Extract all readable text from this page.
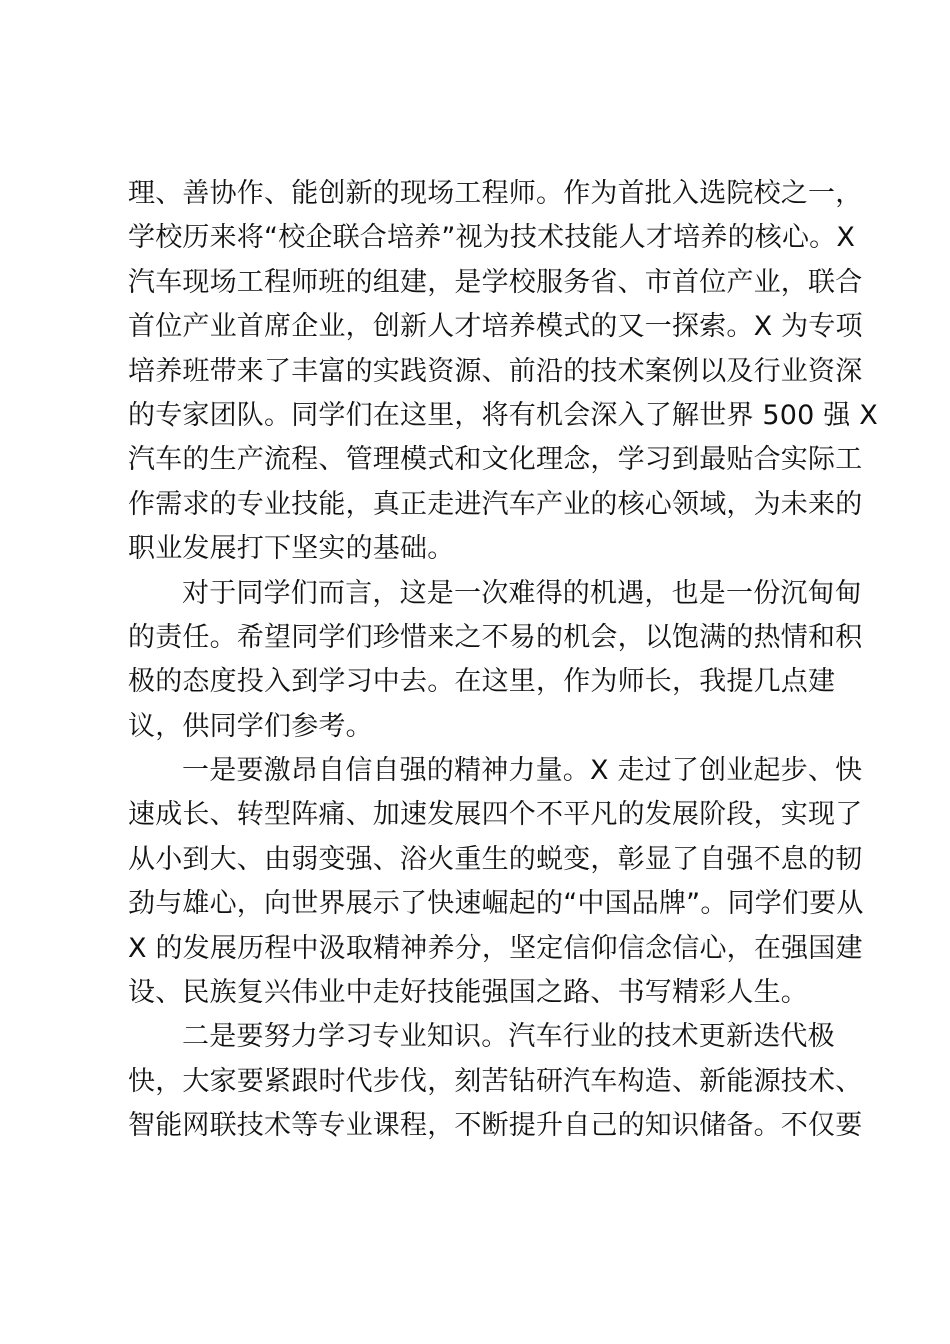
理、善协作、能创新的现场工程师。作为首批入选院校之一，
学校历来将“校企联合培养”视为技术技能人才培养的核心。X
汽车现场工程师班的组建，是学校服务省、市首位产业，联合
首位产业首席企业，创新人才培养模式的又一探索。X 为专项
培养班带来了丰富的实践资源、前沿的技术案例以及行业资深
的专家团队。同学们在这里，将有机会深入了解世界 500 强 X
汽车的生产流程、管理模式和文化理念，学习到最贴合实际工
作需求的专业技能，真正走进汽车产业的核心领域，为未来的
职业发展打下坚实的基础。
对于同学们而言，这是一次难得的机遇，也是一份沉甸甸
的责任。希望同学们珍惜来之不易的机会，以饱满的热情和积
极的态度投入到学习中去。在这里，作为师长，我提几点建
议，供同学们参考。
一是要激昂自信自强的精神力量。X 走过了创业起步、快
速成长、转型阵痛、加速发展四个不平凡的发展阶段，实现了
从小到大、由弱变强、浴火重生的蜕变，彰显了自强不息的韧
劲与雄心，向世界展示了快速崛起的“中国品牌”。同学们要从
X 的发展历程中汲取精神养分，坚定信仰信念信心，在强国建
设、民族复兴伟业中走好技能强国之路、书写精彩人生。
二是要努力学习专业知识。汽车行业的技术更新迭代极
快，大家要紧跟时代步伐，刻苦钻研汽车构造、新能源技术、
智能网联技术等专业课程，不断提升自己的知识储备。不仅要
